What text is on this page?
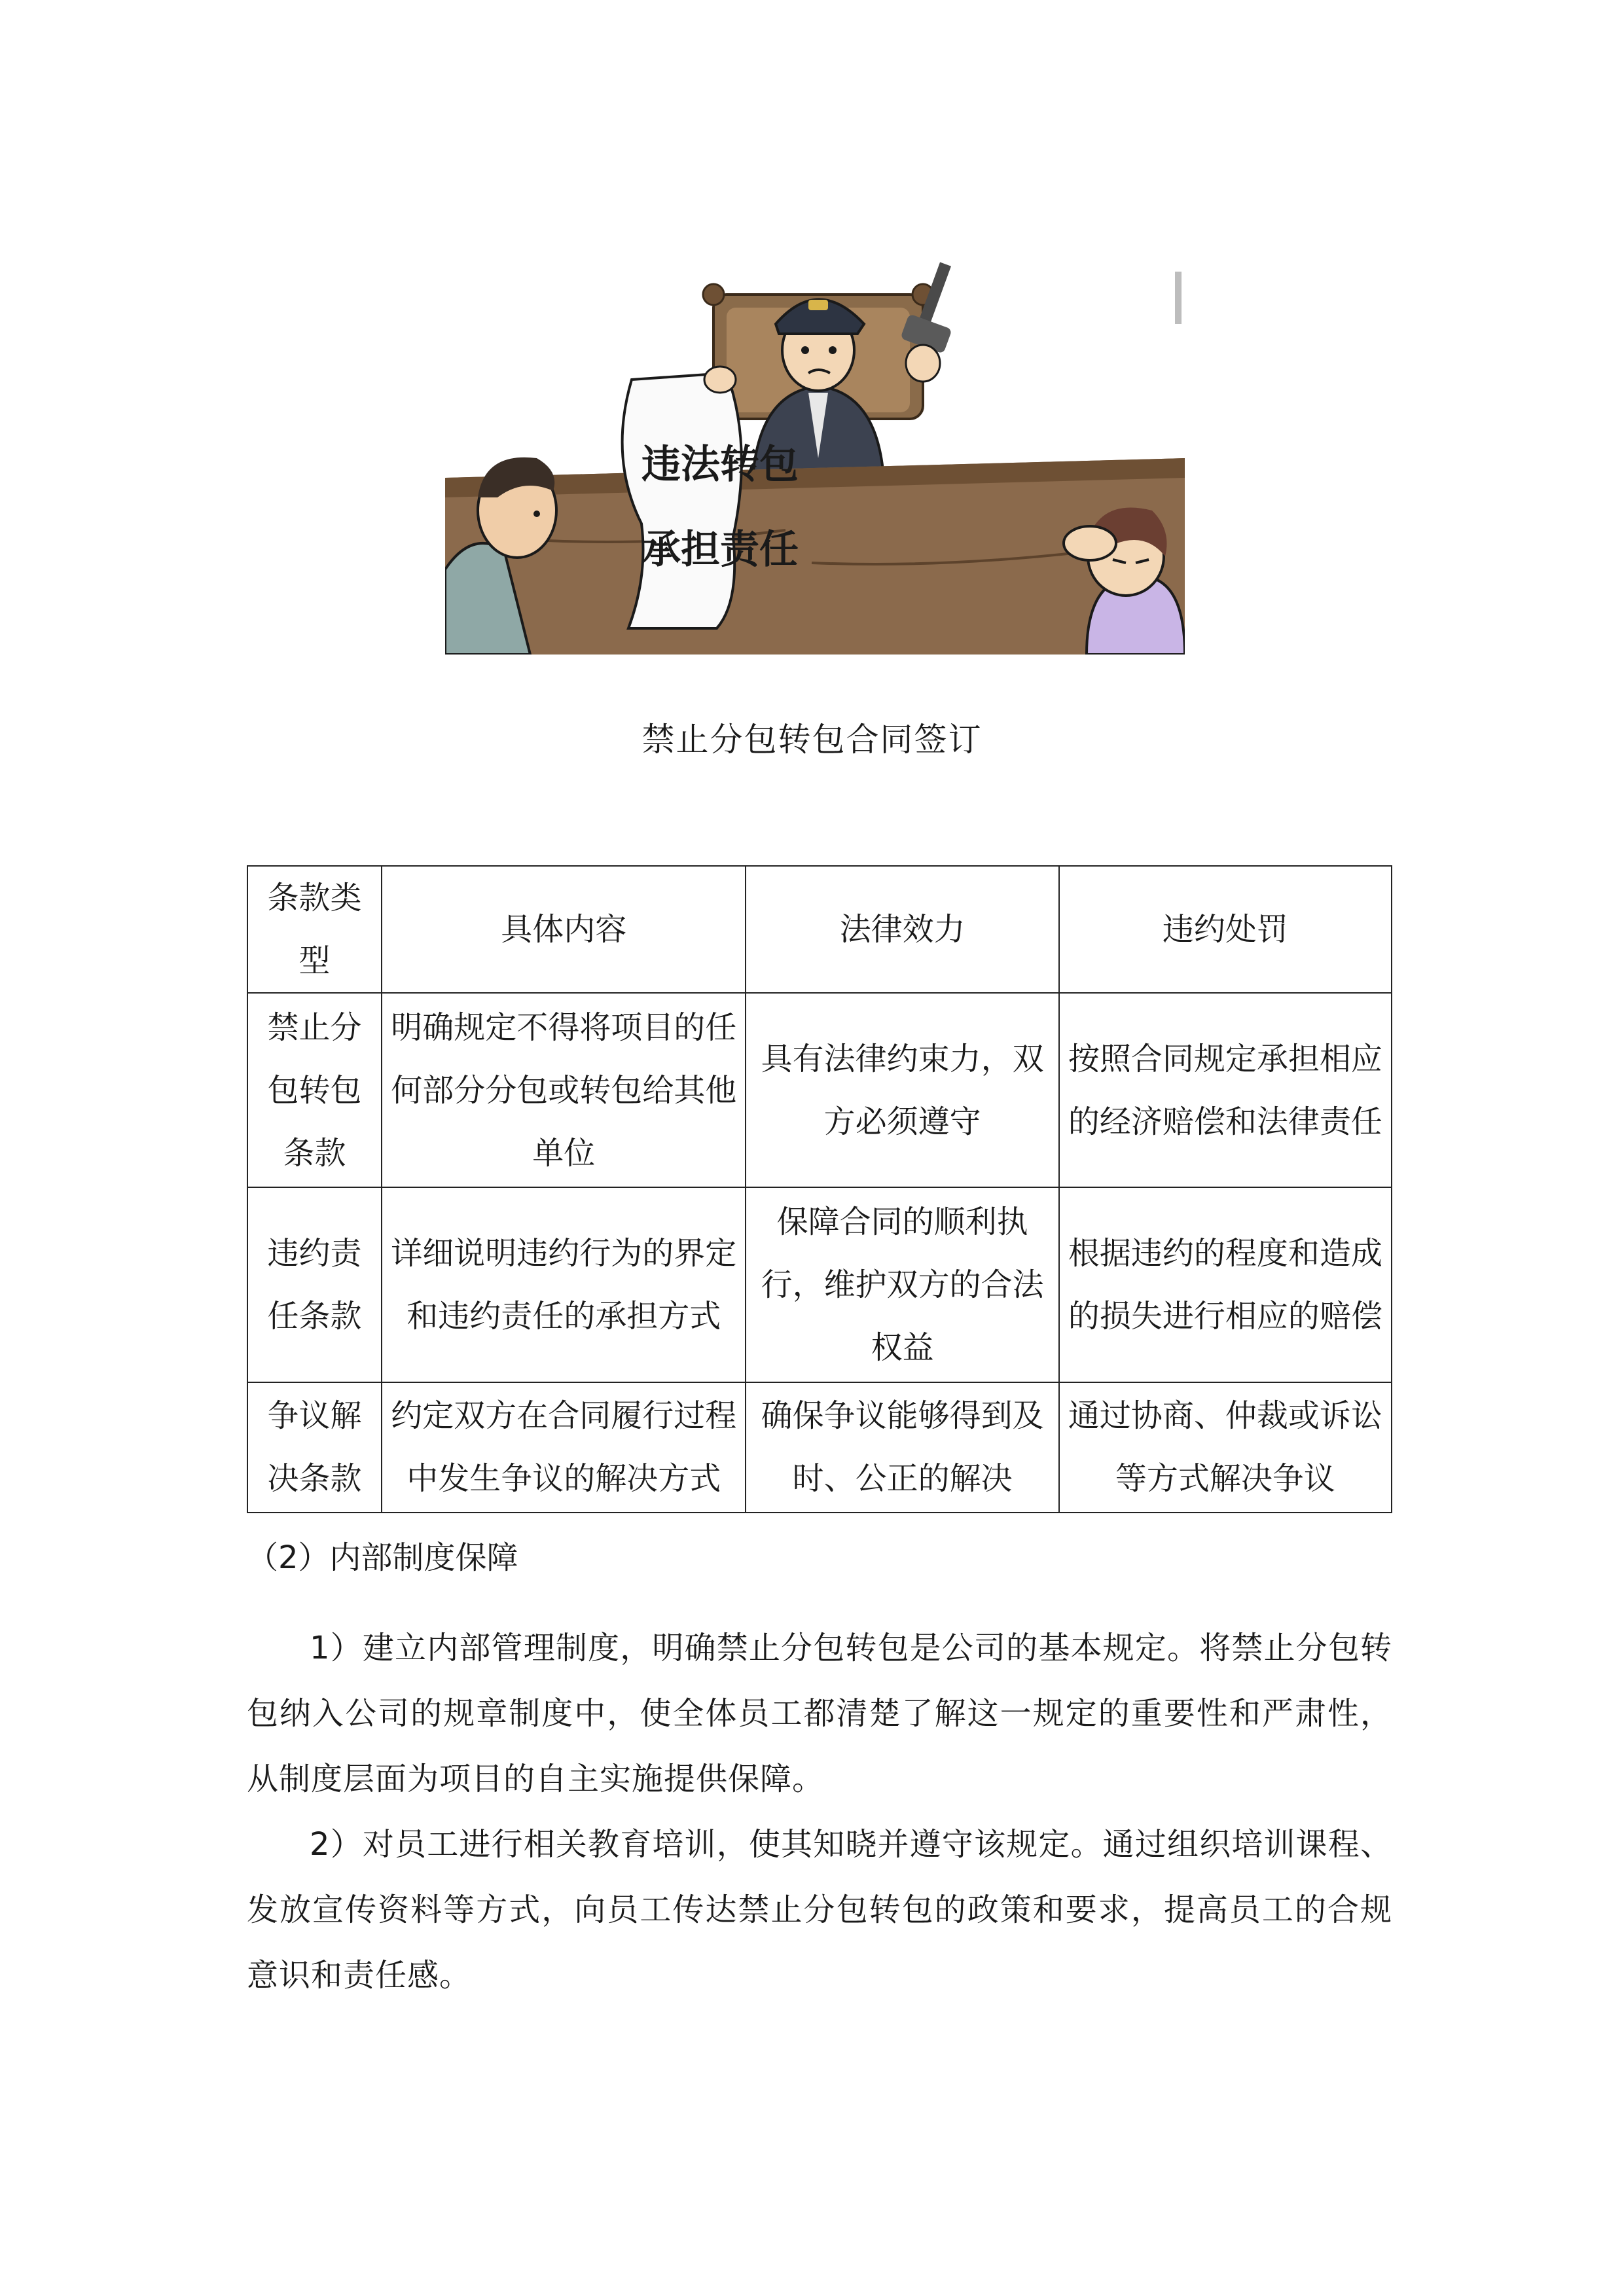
违法转包
承担责任
禁止分包转包合同签订
条款类型	具体内容	法律效力	违约处罚
禁止分包转包条款	明确规定不得将项目的任何部分分包或转包给其他单位	具有法律约束力，双方必须遵守	按照合同规定承担相应的经济赔偿和法律责任
违约责任条款	详细说明违约行为的界定和违约责任的承担方式	保障合同的顺利执行，维护双方的合法权益	根据违约的程度和造成的损失进行相应的赔偿
争议解决条款	约定双方在合同履行过程中发生争议的解决方式	确保争议能够得到及时、公正的解决	通过协商、仲裁或诉讼等方式解决争议
（2）内部制度保障

1）建立内部管理制度，明确禁止分包转包是公司的基本规定。将禁止分包转包纳入公司的规章制度中，使全体员工都清楚了解这一规定的重要性和严肃性，从制度层面为项目的自主实施提供保障。

2）对员工进行相关教育培训，使其知晓并遵守该规定。通过组织培训课程、发放宣传资料等方式，向员工传达禁止分包转包的政策和要求，提高员工的合规意识和责任感。
